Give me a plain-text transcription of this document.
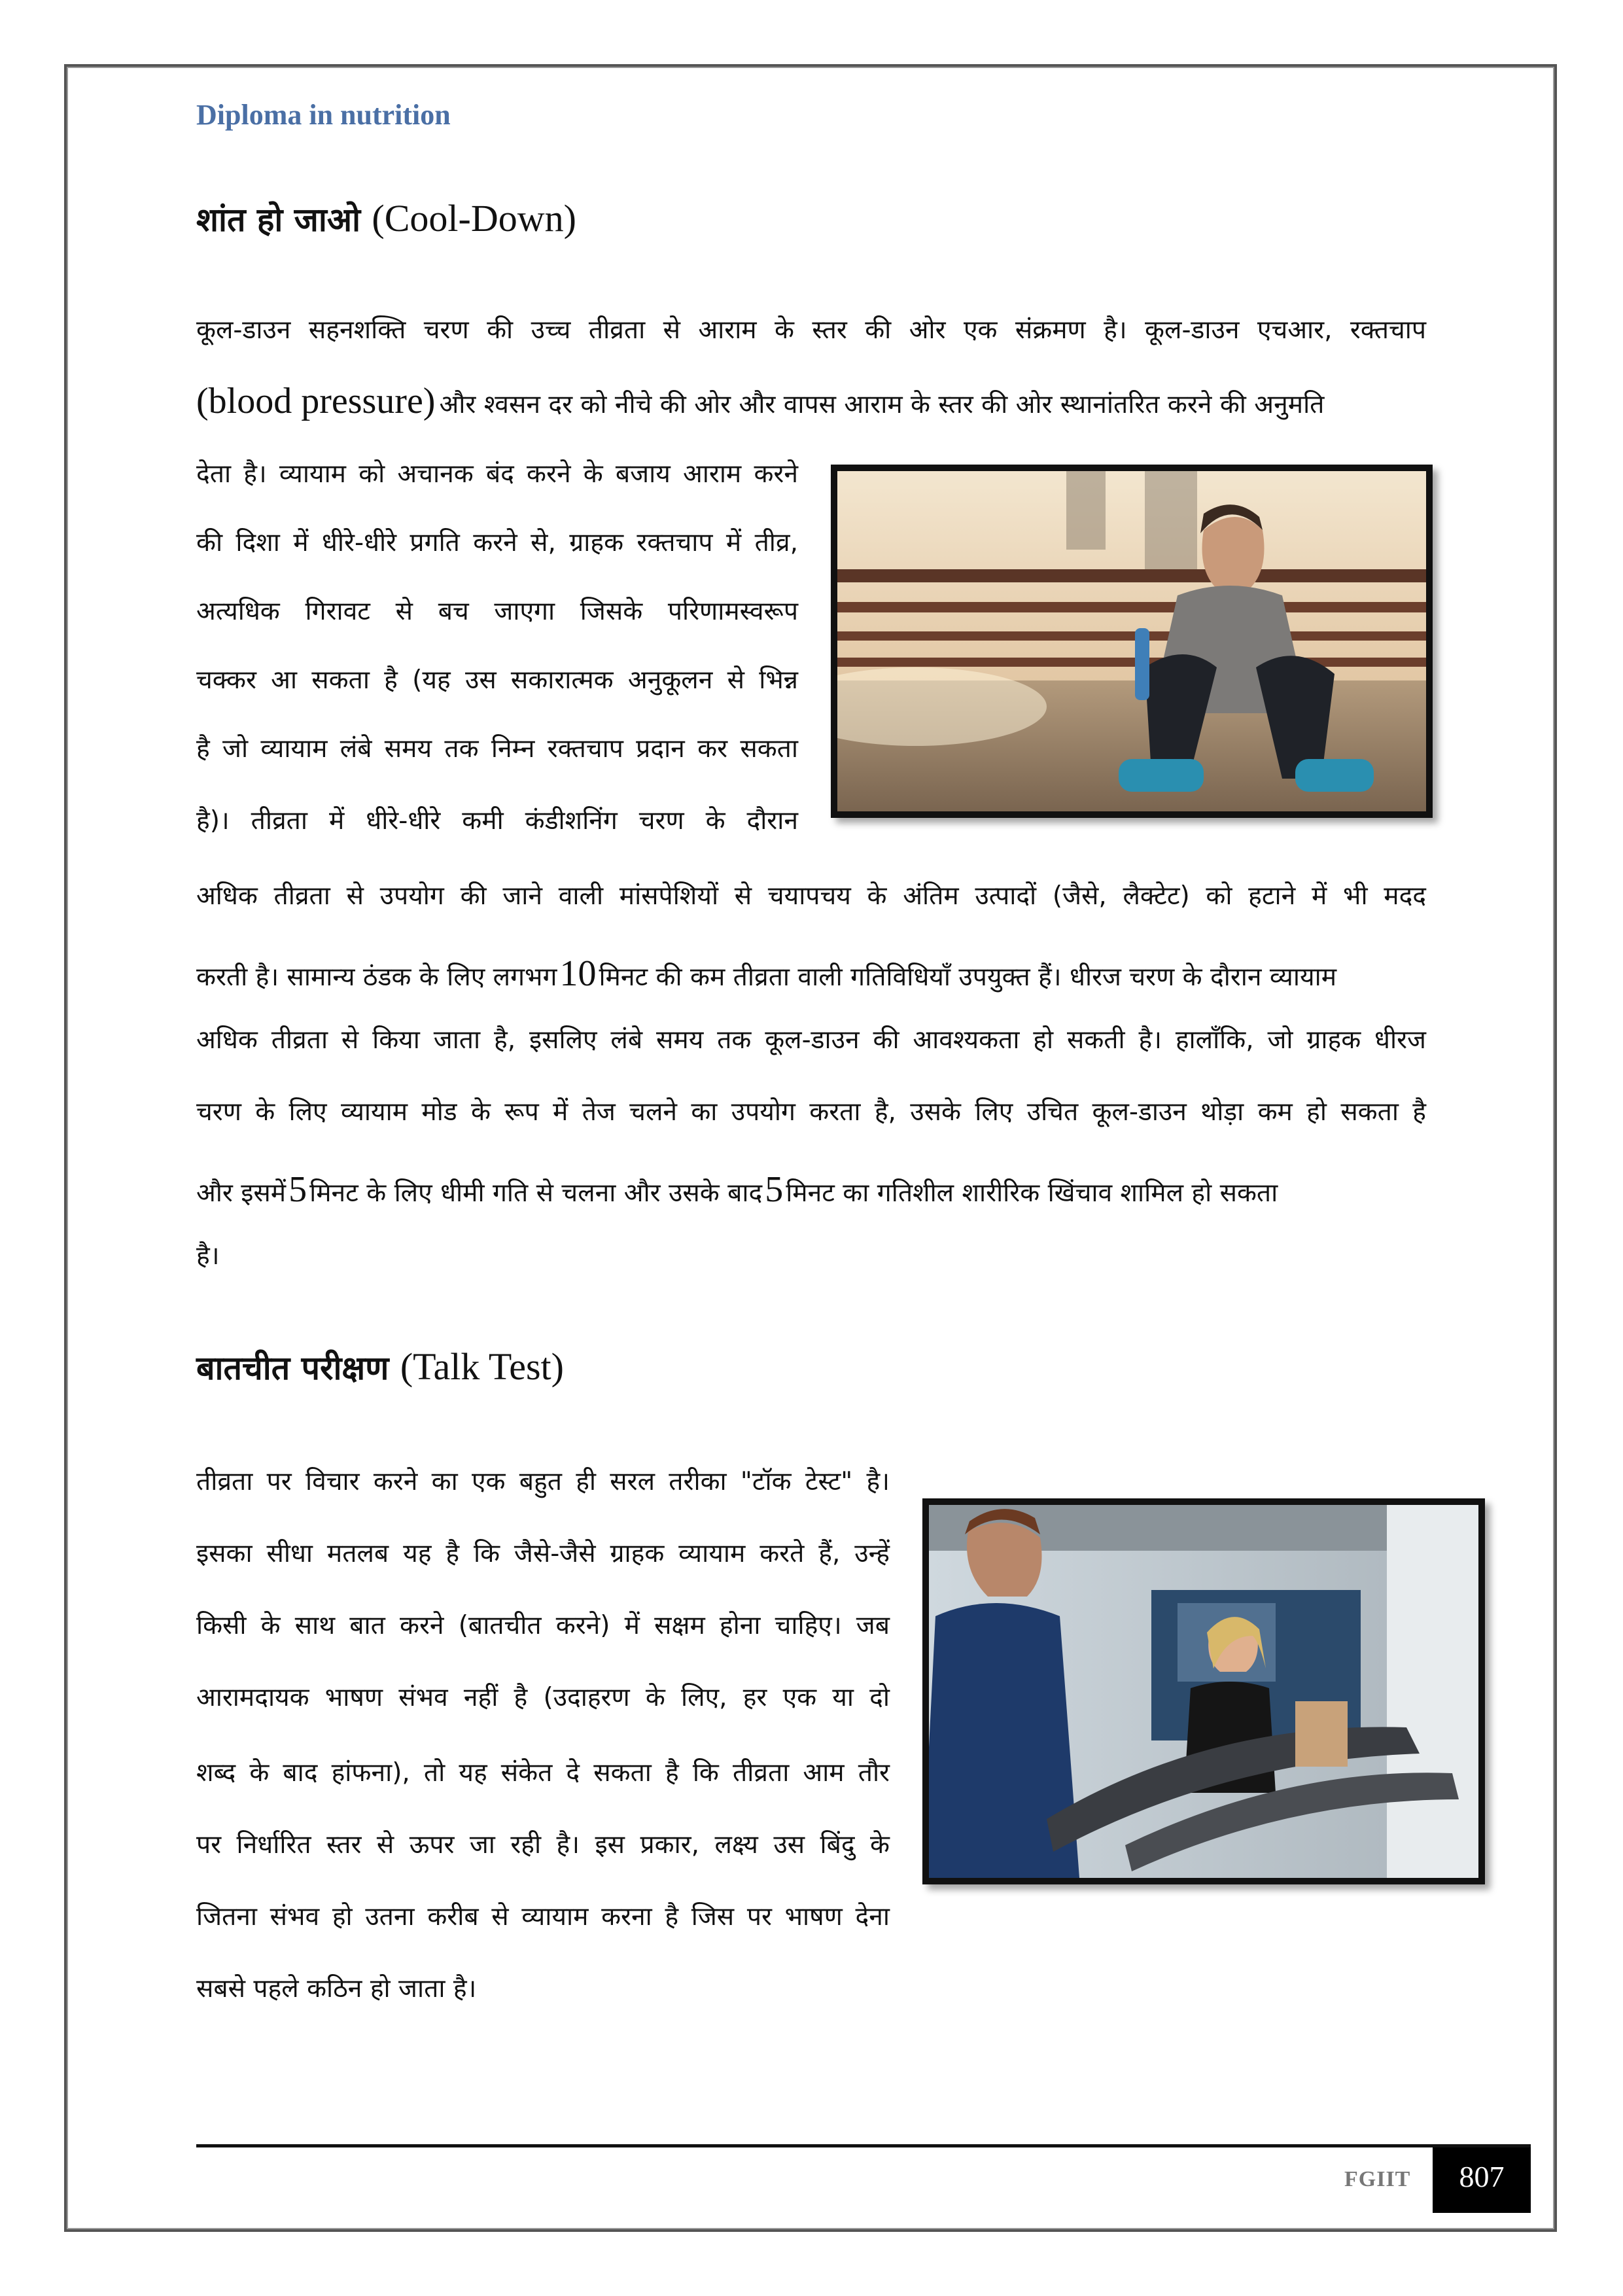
Diploma in nutrition
शांत हो जाओ (Cool-Down)
कूल-डाउन सहनशक्ति चरण की उच्च तीव्रता से आराम के स्तर की ओर एक संक्रमण है। कूल-डाउन एचआर, रक्तचाप
(blood pressure) और श्वसन दर को नीचे की ओर और वापस आराम के स्तर की ओर स्थानांतरित करने की अनुमति
देता है। व्यायाम को अचानक बंद करने के बजाय आराम करने
की दिशा में धीरे-धीरे प्रगति करने से, ग्राहक रक्तचाप में तीव्र,
अत्यधिक गिरावट से बच जाएगा जिसके परिणामस्वरूप
चक्कर आ सकता है (यह उस सकारात्मक अनुकूलन से भिन्न
है जो व्यायाम लंबे समय तक निम्न रक्तचाप प्रदान कर सकता
है)। तीव्रता में धीरे-धीरे कमी कंडीशनिंग चरण के दौरान
अधिक तीव्रता से उपयोग की जाने वाली मांसपेशियों से चयापचय के अंतिम उत्पादों (जैसे, लैक्टेट) को हटाने में भी मदद
करती है। सामान्य ठंडक के लिए लगभग 10 मिनट की कम तीव्रता वाली गतिविधियाँ उपयुक्त हैं। धीरज चरण के दौरान व्यायाम
अधिक तीव्रता से किया जाता है, इसलिए लंबे समय तक कूल-डाउन की आवश्यकता हो सकती है। हालाँकि, जो ग्राहक धीरज
चरण के लिए व्यायाम मोड के रूप में तेज चलने का उपयोग करता है, उसके लिए उचित कूल-डाउन थोड़ा कम हो सकता है
और इसमें 5 मिनट के लिए धीमी गति से चलना और उसके बाद 5 मिनट का गतिशील शारीरिक खिंचाव शामिल हो सकता
है।
बातचीत परीक्षण (Talk Test)
तीव्रता पर विचार करने का एक बहुत ही सरल तरीका "टॉक टेस्ट" है।
इसका सीधा मतलब यह है कि जैसे-जैसे ग्राहक व्यायाम करते हैं, उन्हें
किसी के साथ बात करने (बातचीत करने) में सक्षम होना चाहिए। जब
आरामदायक भाषण संभव नहीं है (उदाहरण के लिए, हर एक या दो
शब्द के बाद हांफना), तो यह संकेत दे सकता है कि तीव्रता आम तौर
पर निर्धारित स्तर से ऊपर जा रही है। इस प्रकार, लक्ष्य उस बिंदु के
जितना संभव हो उतना करीब से व्यायाम करना है जिस पर भाषण देना
सबसे पहले कठिन हो जाता है।
FGIIT	807
